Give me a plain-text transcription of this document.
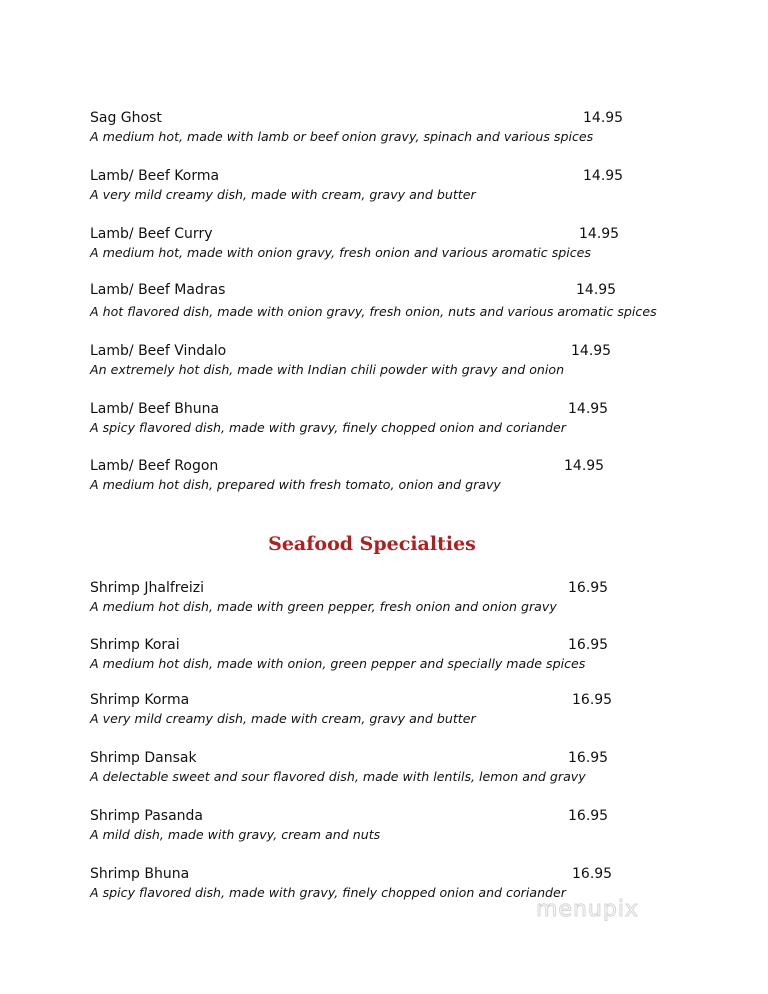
Sag Ghost	14.95
A medium hot, made with lamb or beef onion gravy, spinach and various spices
Lamb/ Beef Korma	14.95
A very mild creamy dish, made with cream, gravy and butter
Lamb/ Beef Curry	14.95
A medium hot, made with onion gravy, fresh onion and various aromatic spices
Lamb/ Beef Madras	14.95
A hot flavored dish, made with onion gravy, fresh onion, nuts and various aromatic spices
Lamb/ Beef Vindalo	14.95
An extremely hot dish, made with Indian chili powder with gravy and onion
Lamb/ Beef Bhuna	14.95
A spicy flavored dish, made with gravy, finely chopped onion and coriander
Lamb/ Beef Rogon	14.95
A medium hot dish, prepared with fresh tomato, onion and gravy
Seafood Specialties
Shrimp Jhalfreizi	16.95
A medium hot dish, made with green pepper, fresh onion and onion gravy
Shrimp Korai	16.95
A medium hot dish, made with onion, green pepper and specially made spices
Shrimp Korma	16.95
A very mild creamy dish, made with cream, gravy and butter
Shrimp Dansak	16.95
A delectable sweet and sour flavored dish, made with lentils, lemon and gravy
Shrimp Pasanda	16.95
A mild dish, made with gravy, cream and nuts
Shrimp Bhuna	16.95
A spicy flavored dish, made with gravy, finely chopped onion and coriander
menupix
